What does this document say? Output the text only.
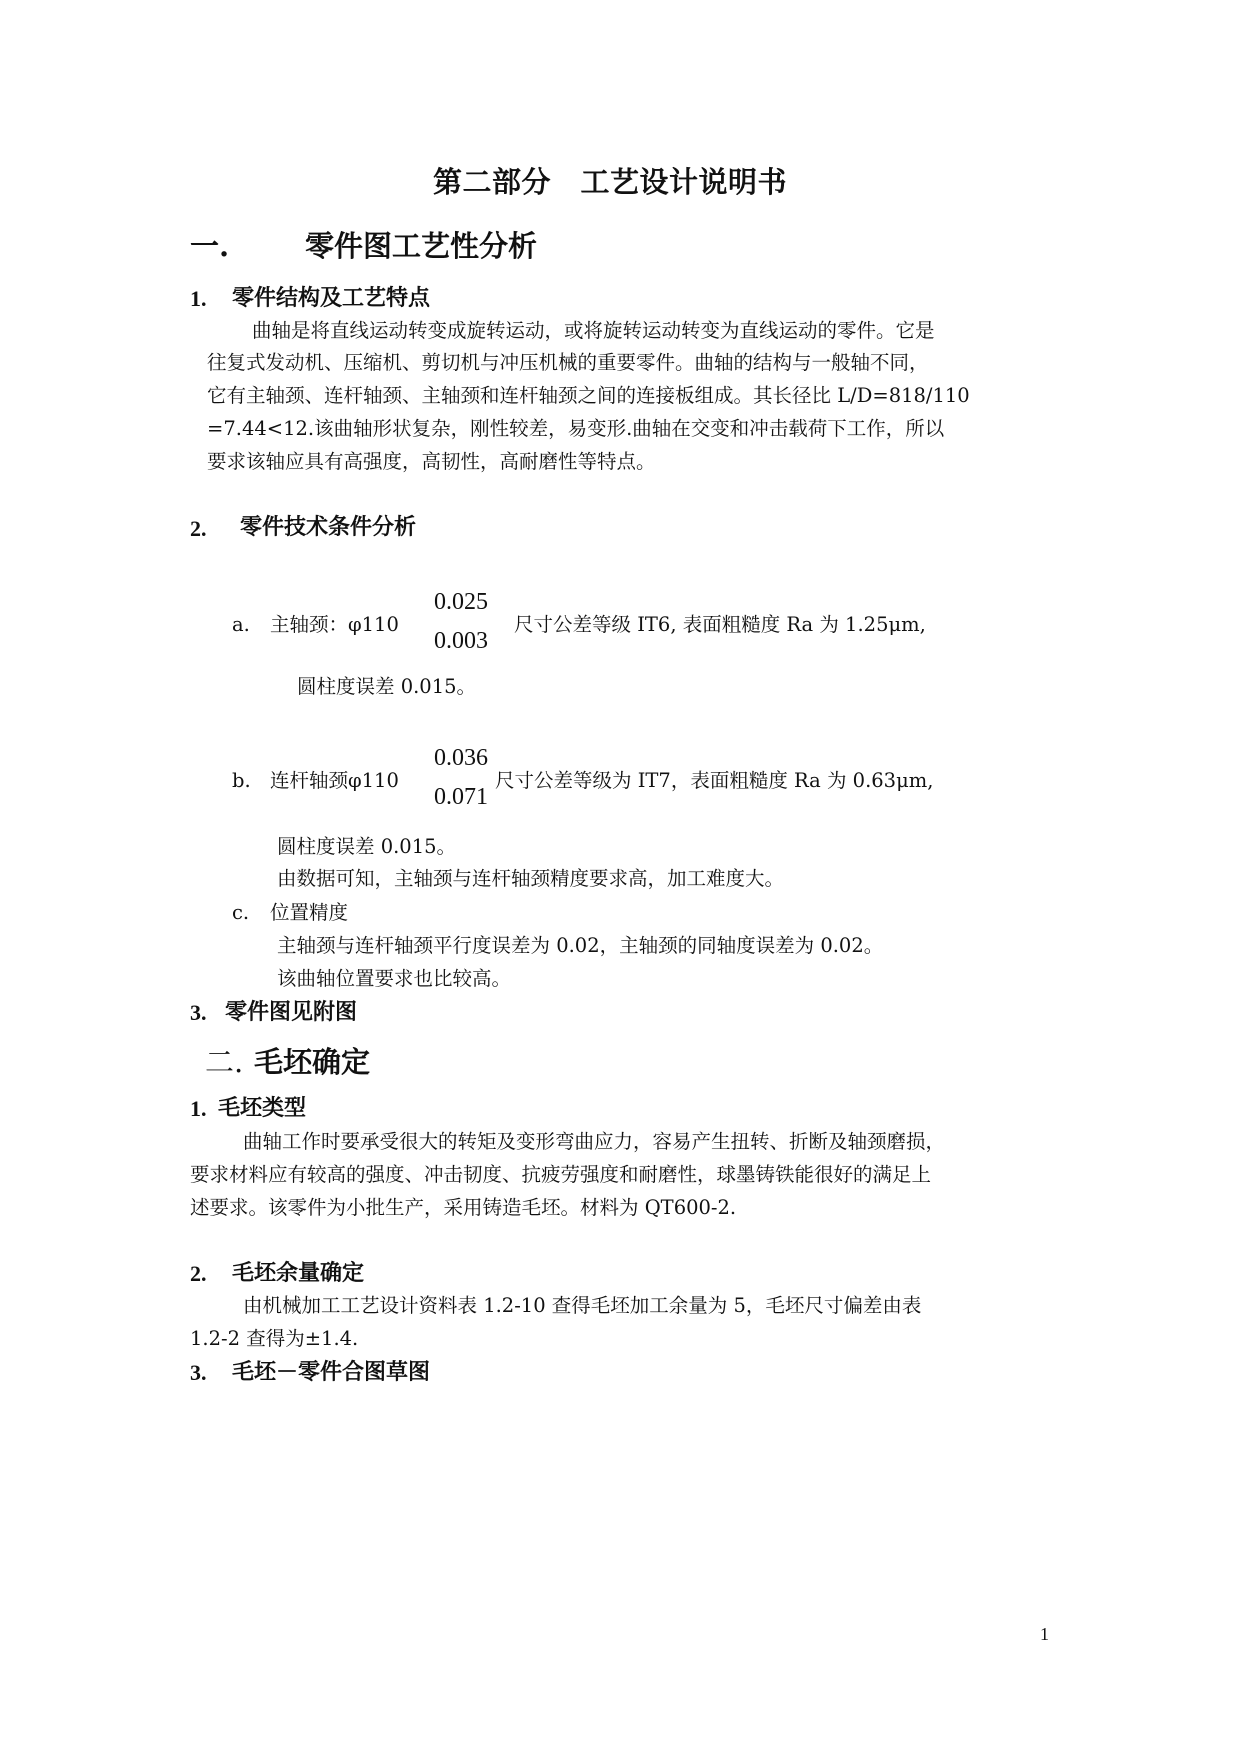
第二部分　工艺设计说明书
一.	零件图工艺性分析
1. 零件结构及工艺特点
曲轴是将直线运动转变成旋转运动，或将旋转运动转变为直线运动的零件。它是
往复式发动机、压缩机、剪切机与冲压机械的重要零件。曲轴的结构与一般轴不同，
它有主轴颈、连杆轴颈、主轴颈和连杆轴颈之间的连接板组成。其长径比 L/D=818/110
=7.44<12.该曲轴形状复杂，刚性较差，易变形.曲轴在交变和冲击载荷下工作，所以
要求该轴应具有高强度，高韧性，高耐磨性等特点。
2. 零件技术条件分析
a. 主轴颈：φ110
0.025
0.003
尺寸公差等级 IT6, 表面粗糙度 Ra 为 1.25μm,
圆柱度误差 0.015。
b. 连杆轴颈φ110
0.036
0.071
尺寸公差等级为 IT7，表面粗糙度 Ra 为 0.63μm,
圆柱度误差 0.015。
由数据可知，主轴颈与连杆轴颈精度要求高，加工难度大。
c. 位置精度
主轴颈与连杆轴颈平行度误差为 0.02，主轴颈的同轴度误差为 0.02。
该曲轴位置要求也比较高。
3. 零件图见附图
二. 毛坯确定
1. 毛坯类型
曲轴工作时要承受很大的转矩及变形弯曲应力，容易产生扭转、折断及轴颈磨损，
要求材料应有较高的强度、冲击韧度、抗疲劳强度和耐磨性，球墨铸铁能很好的满足上
述要求。该零件为小批生产，采用铸造毛坯。材料为 QT600-2.
2. 毛坯余量确定
由机械加工工艺设计资料表 1.2-10 查得毛坯加工余量为 5，毛坯尺寸偏差由表
1.2-2 查得为±1.4.
3. 毛坯－零件合图草图
1
